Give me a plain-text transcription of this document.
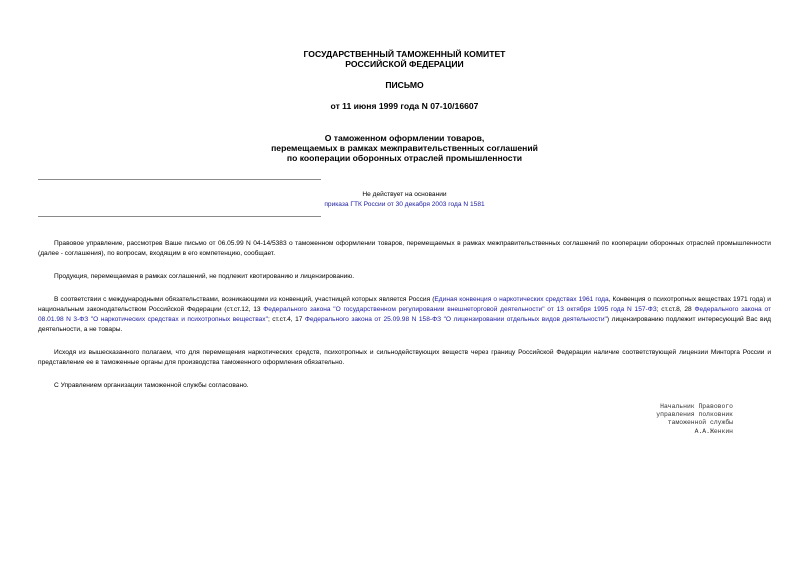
ГОСУДАРСТВЕННЫЙ ТАМОЖЕННЫЙ КОМИТЕТ
РОССИЙСКОЙ ФЕДЕРАЦИИ
ПИСЬМО
от 11 июня 1999 года N 07-10/16607
О таможенном оформлении товаров,
перемещаемых в рамках межправительственных соглашений
по кооперации оборонных отраслей промышленности
Не действует на основании
приказа ГТК России от 30 декабря 2003 года N 1581

Правовое управление, рассмотрев Ваше письмо от 06.05.99 N 04-14/5383 о таможенном оформлении товаров, перемещаемых в рамках межправительственных соглашений по кооперации оборонных отраслей промышленности (далее - соглашения), по вопросам, входящим в его компетенцию, сообщает.

Продукция, перемещаемая в рамках соглашений, не подлежит квотированию и лицензированию.

В соответствии с международными обязательствами, возникающими из конвенций, участницей которых является Россия (Единая конвенция о наркотических средствах 1961 года, Конвенция о психотропных веществах 1971 года) и национальным законодательством Российской Федерации (ст.ст.12, 13 Федерального закона "О государственном регулировании внешнеторговой деятельности" от 13 октября 1995 года N 157-ФЗ; ст.ст.8, 28 Федерального закона от 08.01.98 N 3-ФЗ "О наркотических средствах и психотропных веществах"; ст.ст.4, 17 Федерального закона от 25.09.98 N 158-ФЗ "О лицензировании отдельных видов деятельности") лицензированию подлежит интересующий Вас вид деятельности, а не товары.

Исходя из вышесказанного полагаем, что для перемещения наркотических средств, психотропных и сильнодействующих веществ через границу Российской Федерации наличие соответствующей лицензии Минторга России и представление ее в таможенные органы для производства таможенного оформления обязательно.

С Управлением организации таможенной службы согласовано.

Начальник Правового
управления полковник
таможенной службы
А.А.Женкин
